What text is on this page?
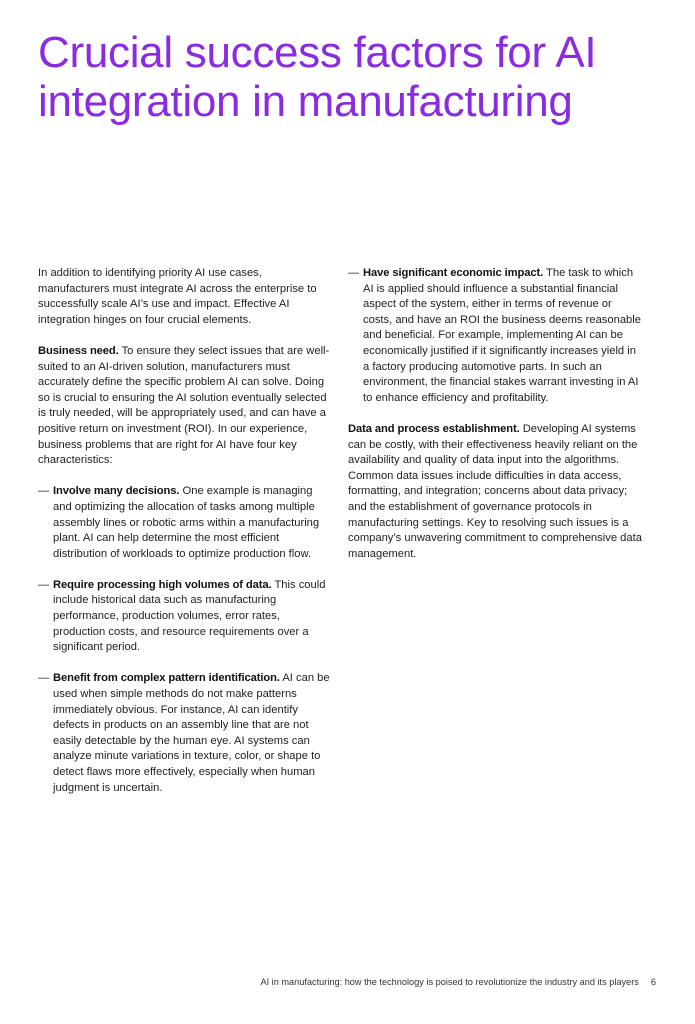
Crucial success factors for AI integration in manufacturing

In addition to identifying priority AI use cases, manufacturers must integrate AI across the enterprise to successfully scale AI’s use and impact. Effective AI integration hinges on four crucial elements.

Business need. To ensure they select issues that are well-suited to an AI-driven solution, manufacturers must accurately define the specific problem AI can solve. Doing so is crucial to ensuring the AI solution eventually selected is truly needed, will be appropriately used, and can have a positive return on investment (ROI). In our experience, business problems that are right for AI have four key characteristics:

— Involve many decisions. One example is managing and optimizing the allocation of tasks among multiple assembly lines or robotic arms within a manufacturing plant. AI can help determine the most efficient distribution of workloads to optimize production flow.

— Require processing high volumes of data. This could include historical data such as manufacturing performance, production volumes, error rates, production costs, and resource requirements over a significant period.

— Benefit from complex pattern identification. AI can be used when simple methods do not make patterns immediately obvious. For instance, AI can identify defects in products on an assembly line that are not easily detectable by the human eye. AI systems can analyze minute variations in texture, color, or shape to detect flaws more effectively, especially when human judgment is uncertain.

— Have significant economic impact. The task to which AI is applied should influence a substantial financial aspect of the system, either in terms of revenue or costs, and have an ROI the business deems reasonable and beneficial. For example, implementing AI can be economically justified if it significantly increases yield in a factory producing automotive parts. In such an environment, the financial stakes warrant investing in AI to enhance efficiency and profitability.

Data and process establishment. Developing AI systems can be costly, with their effectiveness heavily reliant on the availability and quality of data input into the algorithms. Common data issues include difficulties in data access, formatting, and integration; concerns about data privacy; and the establishment of governance protocols in manufacturing settings. Key to resolving such issues is a company’s unwavering commitment to comprehensive data management.

AI in manufacturing: how the technology is poised to revolutionize the industry and its players 6
